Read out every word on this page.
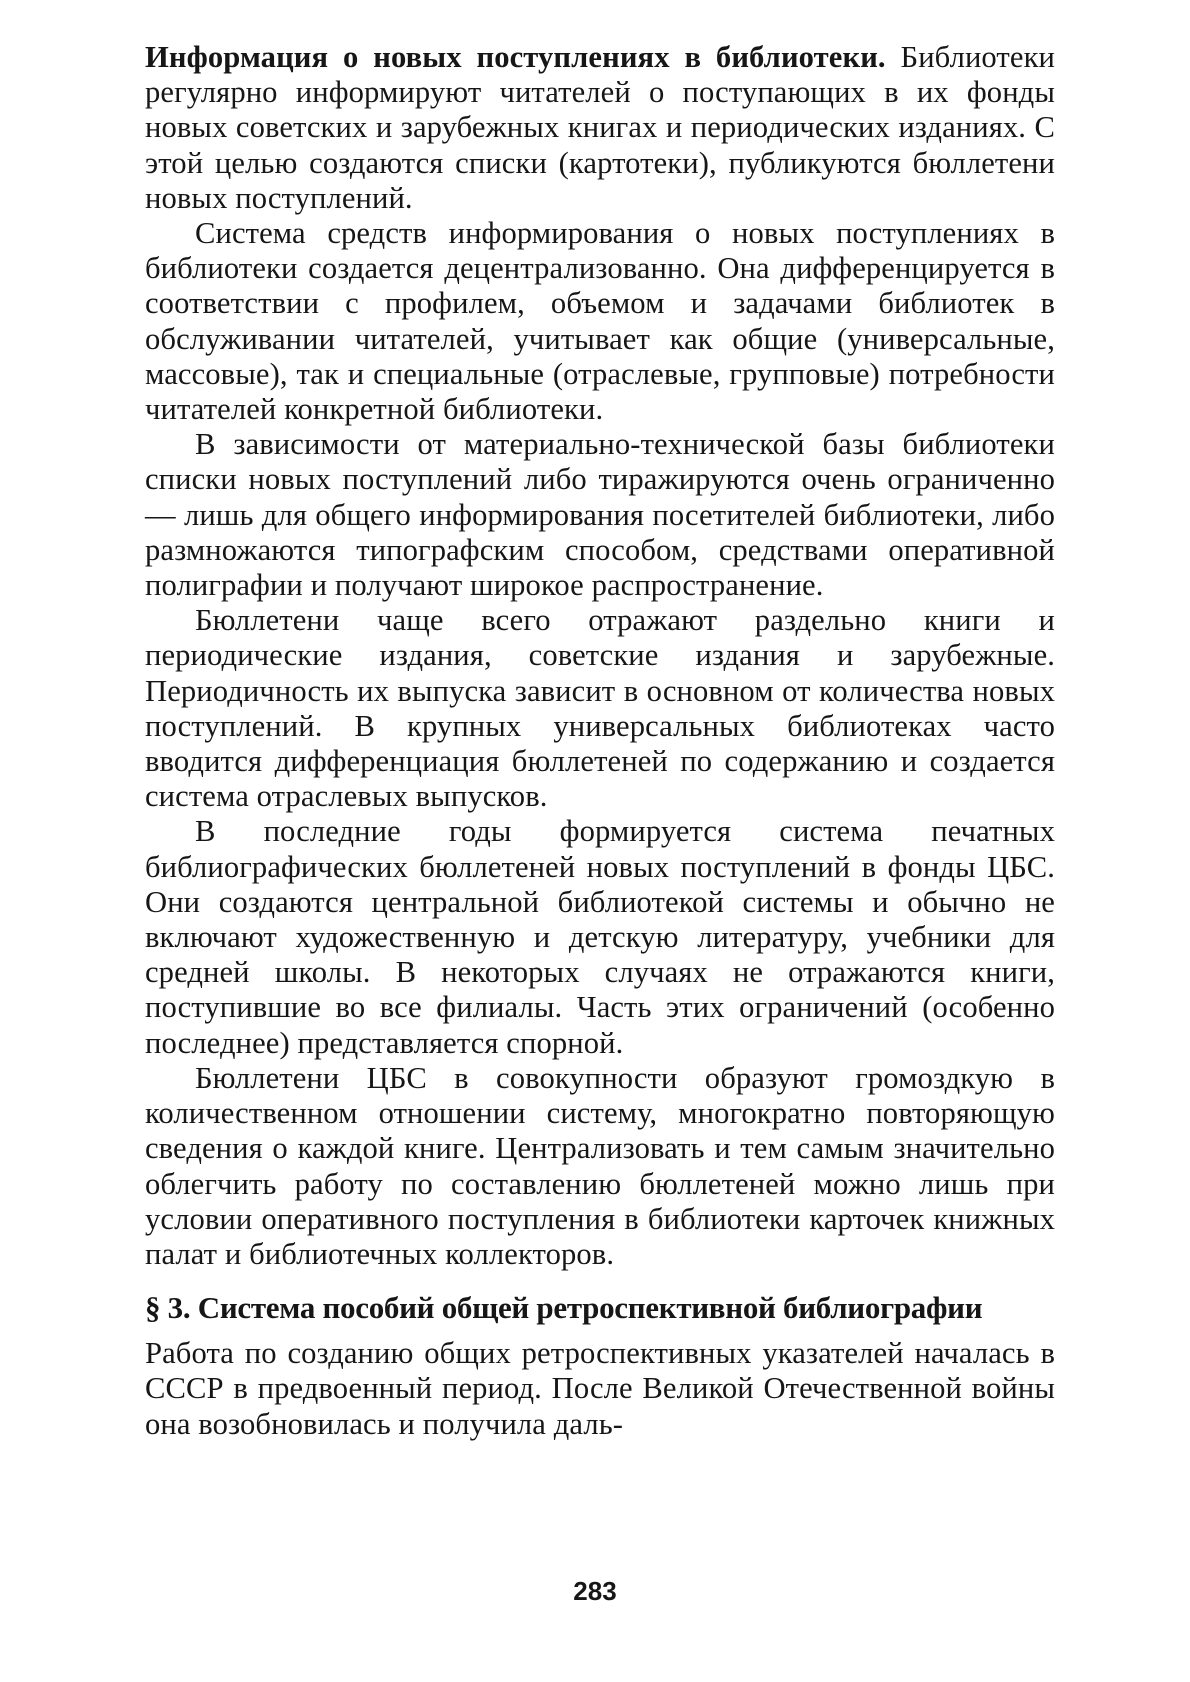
Информация о новых поступлениях в библиотеки. Библиотеки регулярно информируют читателей о поступающих в их фонды новых советских и зарубежных книгах и периодических изданиях. С этой целью создаются списки (картотеки), публикуются бюллетени новых поступлений.

Система средств информирования о новых поступлениях в библиотеки создается децентрализованно. Она дифференцируется в соответствии с профилем, объемом и задачами библиотек в обслуживании читателей, учитывает как общие (универсальные, массовые), так и специальные (отраслевые, групповые) потребности читателей конкретной библиотеки.

В зависимости от материально-технической базы библиотеки списки новых поступлений либо тиражируются очень ограниченно — лишь для общего информирования посетителей библиотеки, либо размножаются типографским способом, средствами оперативной полиграфии и получают широкое распространение.

Бюллетени чаще всего отражают раздельно книги и периодические издания, советские издания и зарубежные. Периодичность их выпуска зависит в основном от количества новых поступлений. В крупных универсальных библиотеках часто вводится дифференциация бюллетеней по содержанию и создается система отраслевых выпусков.

В последние годы формируется система печатных библиографических бюллетеней новых поступлений в фонды ЦБС. Они создаются центральной библиотекой системы и обычно не включают художественную и детскую литературу, учебники для средней школы. В некоторых случаях не отражаются книги, поступившие во все филиалы. Часть этих ограничений (особенно последнее) представляется спорной.

Бюллетени ЦБС в совокупности образуют громоздкую в количественном отношении систему, многократно повторяющую сведения о каждой книге. Централизовать и тем самым значительно облегчить работу по составлению бюллетеней можно лишь при условии оперативного поступления в библиотеки карточек книжных палат и библиотечных коллекторов.

§ 3. Система пособий общей ретроспективной библиографии

Работа по созданию общих ретроспективных указателей началась в СССР в предвоенный период. После Великой Отечественной войны она возобновилась и получила даль-

283
